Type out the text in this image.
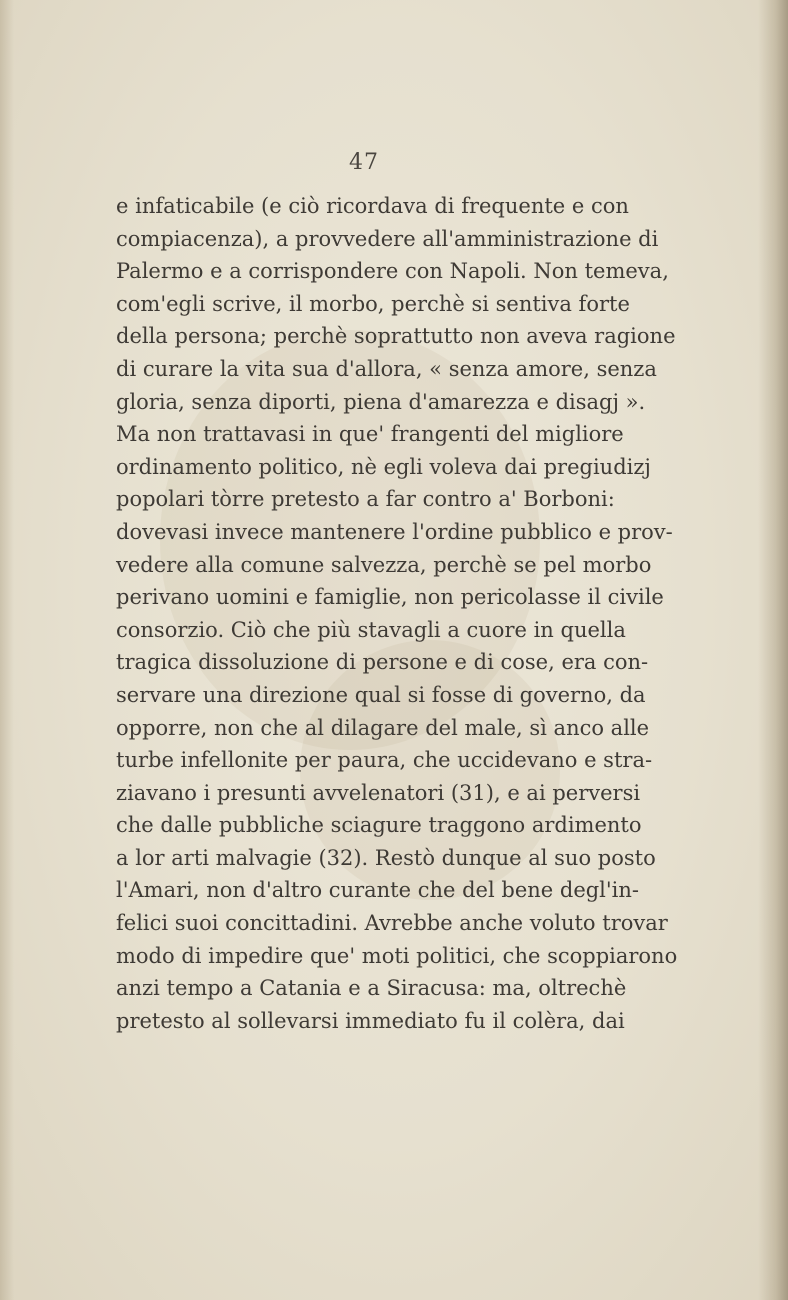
47
e infaticabile (e ciò ricordava di frequente e con
compiacenza), a provvedere all'amministrazione di
Palermo e a corrispondere con Napoli. Non temeva,
com'egli scrive, il morbo, perchè si sentiva forte
della persona; perchè soprattutto non aveva ragione
di curare la vita sua d'allora, « senza amore, senza
gloria, senza diporti, piena d'amarezza e disagj ».
Ma non trattavasi in que' frangenti del migliore
ordinamento politico, nè egli voleva dai pregiudizj
popolari tòrre pretesto a far contro a' Borboni:
dovevasi invece mantenere l'ordine pubblico e prov-
vedere alla comune salvezza, perchè se pel morbo
perivano uomini e famiglie, non pericolasse il civile
consorzio. Ciò che più stavagli a cuore in quella
tragica dissoluzione di persone e di cose, era con-
servare una direzione qual si fosse di governo, da
opporre, non che al dilagare del male, sì anco alle
turbe infellonite per paura, che uccidevano e stra-
ziavano i presunti avvelenatori (31), e ai perversi
che dalle pubbliche sciagure traggono ardimento
a lor arti malvagie (32). Restò dunque al suo posto
l'Amari, non d'altro curante che del bene degl'in-
felici suoi concittadini. Avrebbe anche voluto trovar
modo di impedire que' moti politici, che scoppiarono
anzi tempo a Catania e a Siracusa: ma, oltrechè
pretesto al sollevarsi immediato fu il colèra, dai
